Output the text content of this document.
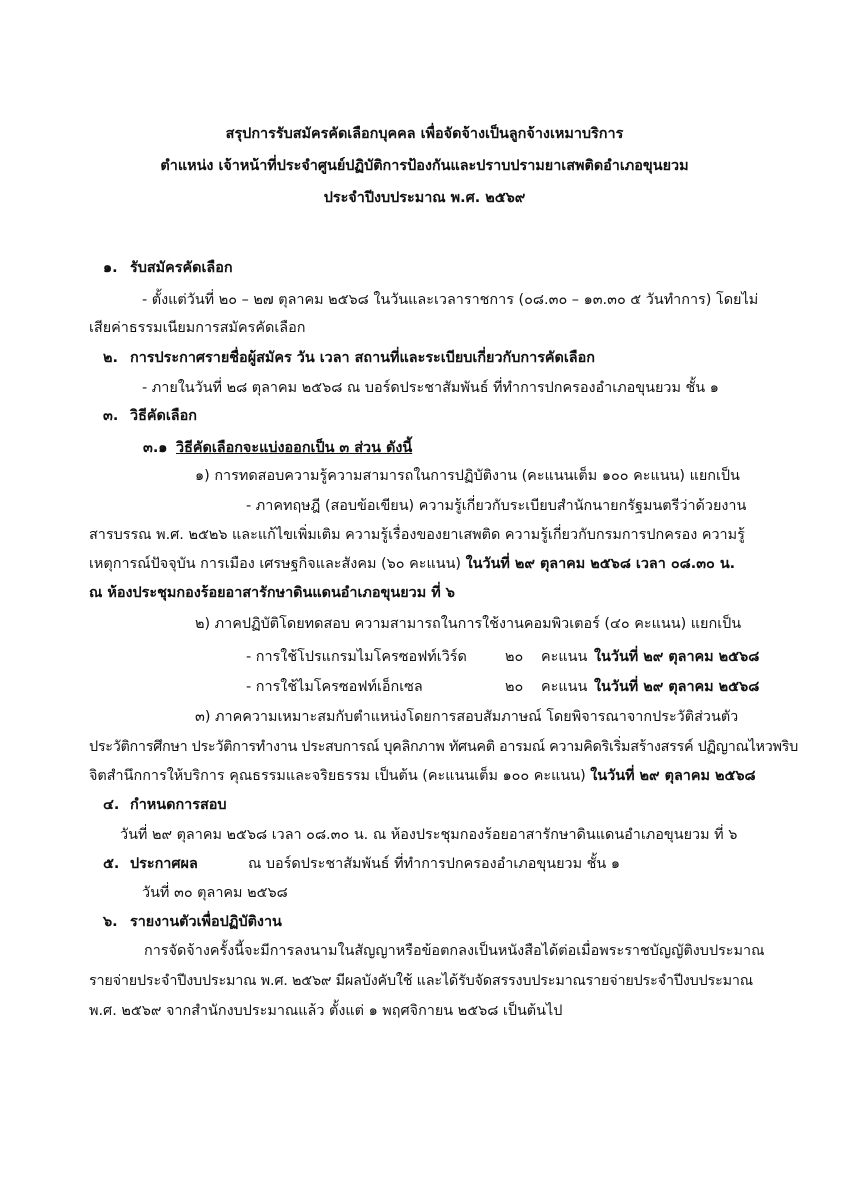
สรุปการรับสมัครคัดเลือกบุคคล เพื่อจัดจ้างเป็นลูกจ้างเหมาบริการ
ตำแหน่ง เจ้าหน้าที่ประจำศูนย์ปฏิบัติการป้องกันและปราบปรามยาเสพติดอำเภอขุนยวม
ประจำปีงบประมาณ พ.ศ. ๒๕๖๙
๑. รับสมัครคัดเลือก
- ตั้งแต่วันที่ ๒๐ – ๒๗ ตุลาคม ๒๕๖๘ ในวันและเวลาราชการ (๐๘.๓๐ – ๑๓.๓๐ ๕ วันทำการ) โดยไม่
เสียค่าธรรมเนียมการสมัครคัดเลือก
๒. การประกาศรายชื่อผู้สมัคร วัน เวลา สถานที่และระเบียบเกี่ยวกับการคัดเลือก
- ภายในวันที่ ๒๘ ตุลาคม ๒๕๖๘ ณ บอร์ดประชาสัมพันธ์ ที่ทำการปกครองอำเภอขุนยวม ชั้น ๑
๓. วิธีคัดเลือก
๓.๑ วิธีคัดเลือกจะแบ่งออกเป็น ๓ ส่วน ดังนี้
๑) การทดสอบความรู้ความสามารถในการปฏิบัติงาน (คะแนนเต็ม ๑๐๐ คะแนน) แยกเป็น
- ภาคทฤษฎี (สอบข้อเขียน) ความรู้เกี่ยวกับระเบียบสำนักนายกรัฐมนตรีว่าด้วยงาน
สารบรรณ พ.ศ. ๒๕๒๖ และแก้ไขเพิ่มเติม ความรู้เรื่องของยาเสพติด ความรู้เกี่ยวกับกรมการปกครอง ความรู้
เหตุการณ์ปัจจุบัน การเมือง เศรษฐกิจและสังคม (๖๐ คะแนน) ในวันที่ ๒๙ ตุลาคม ๒๕๖๘ เวลา ๐๘.๓๐ น.
ณ ห้องประชุมกองร้อยอาสารักษาดินแดนอำเภอขุนยวม ที่ ๖
๒) ภาคปฏิบัติโดยทดสอบ ความสามารถในการใช้งานคอมพิวเตอร์ (๔๐ คะแนน) แยกเป็น
- การใช้โปรแกรมไมโครซอฟท์เวิร์ด	๒๐ คะแนน ในวันที่ ๒๙ ตุลาคม ๒๕๖๘
- การใช้ไมโครซอฟท์เอ็กเซล	๒๐ คะแนน ในวันที่ ๒๙ ตุลาคม ๒๕๖๘
๓) ภาคความเหมาะสมกับตำแหน่งโดยการสอบสัมภาษณ์ โดยพิจารณาจากประวัติส่วนตัว
ประวัติการศึกษา ประวัติการทำงาน ประสบการณ์ บุคลิกภาพ ทัศนคติ อารมณ์ ความคิดริเริ่มสร้างสรรค์ ปฏิญาณไหวพริบ
จิตสำนึกการให้บริการ คุณธรรมและจริยธรรม เป็นต้น (คะแนนเต็ม ๑๐๐ คะแนน) ในวันที่ ๒๙ ตุลาคม ๒๕๖๘
๔. กำหนดการสอบ
วันที่ ๒๙ ตุลาคม ๒๕๖๘ เวลา ๐๘.๓๐ น. ณ ห้องประชุมกองร้อยอาสารักษาดินแดนอำเภอขุนยวม ที่ ๖
๕. ประกาศผล	ณ บอร์ดประชาสัมพันธ์ ที่ทำการปกครองอำเภอขุนยวม ชั้น ๑
วันที่ ๓๐ ตุลาคม ๒๕๖๘
๖. รายงานตัวเพื่อปฏิบัติงาน
การจัดจ้างครั้งนี้จะมีการลงนามในสัญญาหรือข้อตกลงเป็นหนังสือได้ต่อเมื่อพระราชบัญญัติงบประมาณ
รายจ่ายประจำปีงบประมาณ พ.ศ. ๒๕๖๙ มีผลบังคับใช้ และได้รับจัดสรรงบประมาณรายจ่ายประจำปีงบประมาณ
พ.ศ. ๒๕๖๙ จากสำนักงบประมาณแล้ว ตั้งแต่ ๑ พฤศจิกายน ๒๕๖๘ เป็นต้นไป
